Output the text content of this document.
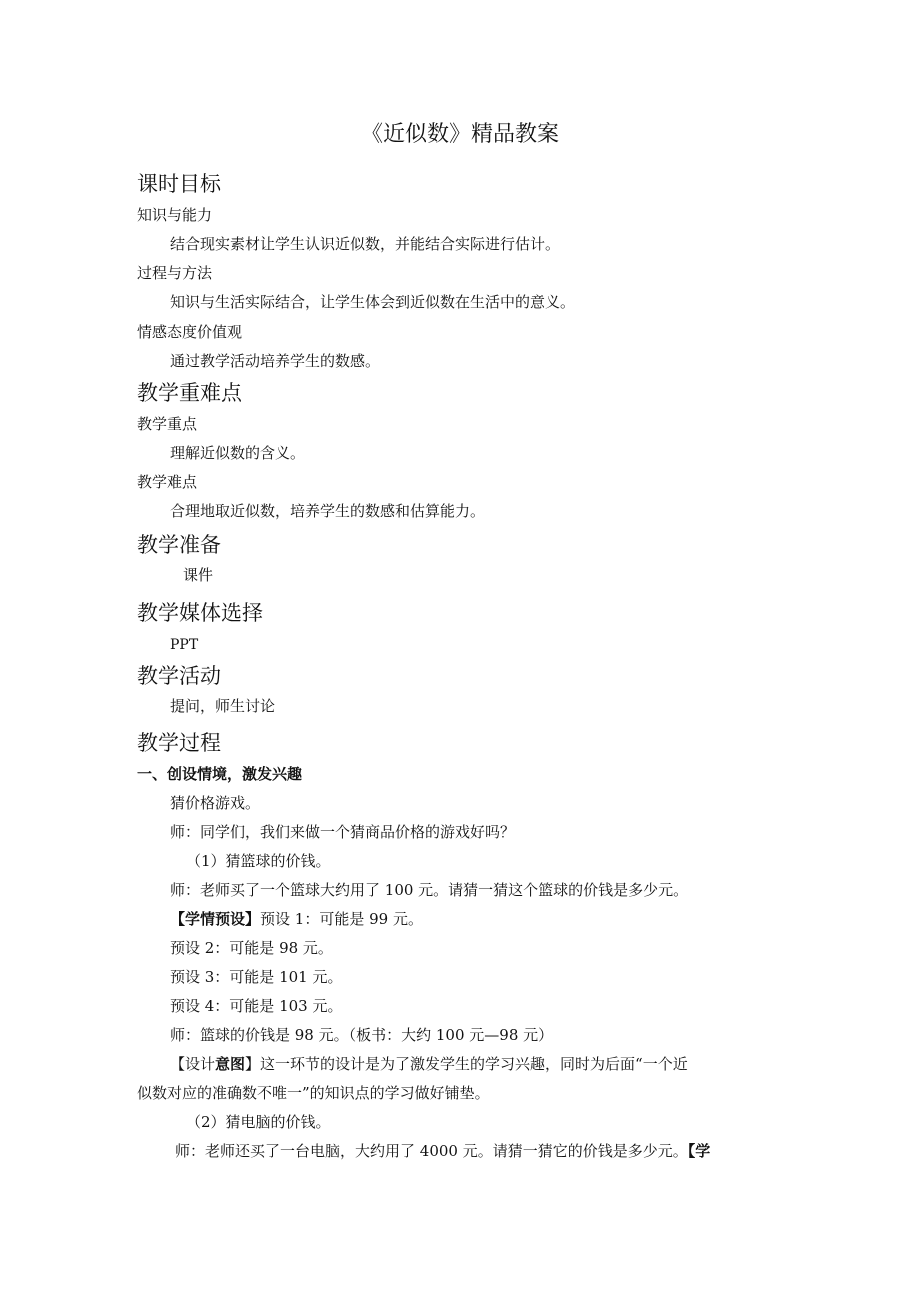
《近似数》精品教案
课时目标
知识与能力
结合现实素材让学生认识近似数，并能结合实际进行估计。
过程与方法
知识与生活实际结合，让学生体会到近似数在生活中的意义。
情感态度价值观
通过教学活动培养学生的数感。
教学重难点
教学重点
理解近似数的含义。
教学难点
合理地取近似数，培养学生的数感和估算能力。
教学准备
课件
教学媒体选择
PPT
教学活动
提问，师生讨论
教学过程
一、创设情境，激发兴趣
猜价格游戏。
师：同学们，我们来做一个猜商品价格的游戏好吗？
（1）猜篮球的价钱。
师：老师买了一个篮球大约用了 100 元。请猜一猜这个篮球的价钱是多少元。
【学情预设】预设 1：可能是 99 元。
预设 2：可能是 98 元。
预设 3：可能是 101 元。
预设 4：可能是 103 元。
师：篮球的价钱是 98 元。（板书：大约 100 元—98 元）
【设计意图】这一环节的设计是为了激发学生的学习兴趣，同时为后面“一个近
似数对应的准确数不唯一”的知识点的学习做好铺垫。
（2）猜电脑的价钱。
师：老师还买了一台电脑，大约用了 4000 元。请猜一猜它的价钱是多少元。【学
